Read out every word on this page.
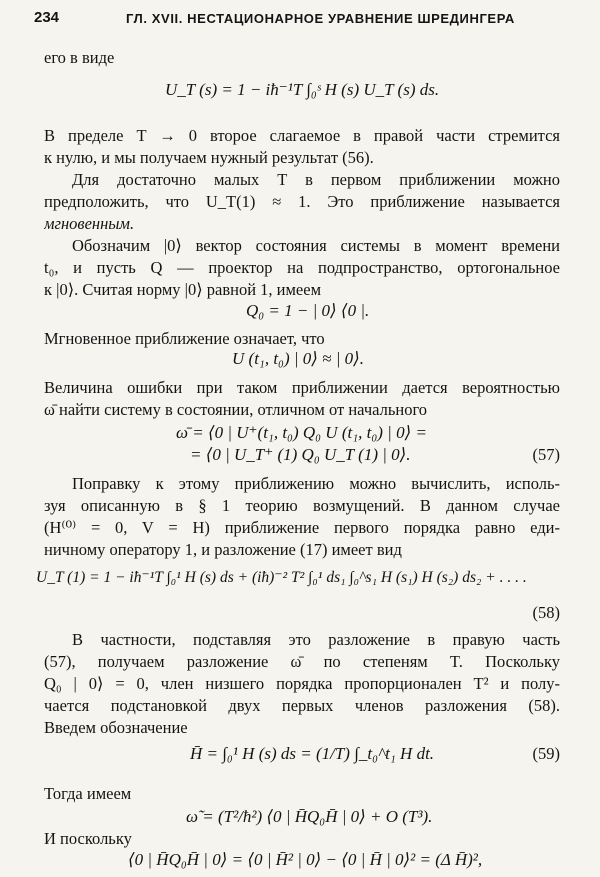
234	ГЛ. XVII. НЕСТАЦИОНАРНОЕ УРАВНЕНИЕ ШРЕДИНГЕРА
его в виде
U_T (s) = 1 − iħ⁻¹T ∫₀ˢ H (s) U_T (s) ds.
В пределе T → 0 второе слагаемое в правой части стремится
к нулю, и мы получаем нужный результат (56).
Для достаточно малых T в первом приближении можно
предположить, что U_T(1) ≈ 1. Это приближение называется
мгновенным.
Обозначим |0⟩ вектор состояния системы в момент времени
t₀, и пусть Q — проектор на подпространство, ортогональное
к |0⟩. Считая норму |0⟩ равной 1, имеем
Q₀ = 1 − | 0⟩ ⟨0 |.
Мгновенное приближение означает, что
U (t₁, t₀) | 0⟩ ≈ | 0⟩.
Величина ошибки при таком приближении дается вероятностью
ω̄ найти систему в состоянии, отличном от начального
ω̄ = ⟨0 | U⁺(t₁, t₀) Q₀ U (t₁, t₀) | 0⟩ =
= ⟨0 | U_T⁺ (1) Q₀ U_T (1) | 0⟩.	(57)
Поправку к этому приближению можно вычислить, исполь-
зуя описанную в § 1 теорию возмущений. В данном случае
(H⁽⁰⁾ = 0, V = H) приближение первого порядка равно еди-
ничному оператору 1, и разложение (17) имеет вид
U_T (1) = 1 − iħ⁻¹T ∫₀¹ H (s) ds + (iħ)⁻² T² ∫₀¹ ds₁ ∫₀^s₁ H (s₁) H (s₂) ds₂ + . . . .
(58)
В частности, подставляя это разложение в правую часть
(57), получаем разложение ω̄ по степеням T. Поскольку
Q₀ | 0⟩ = 0, член низшего порядка пропорционален T² и полу-
чается подстановкой двух первых членов разложения (58).
Введем обозначение
H̄ = ∫₀¹ H (s) ds = (1/T) ∫_t₀^t₁ H dt.	(59)
Тогда имеем
ω̃ = (T²/ħ²) ⟨0 | H̄Q₀H̄ | 0⟩ + O (T³).
И поскольку
⟨0 | H̄Q₀H̄ | 0⟩ = ⟨0 | H̄² | 0⟩ − ⟨0 | H̄ | 0⟩² = (Δ H̄)²,
